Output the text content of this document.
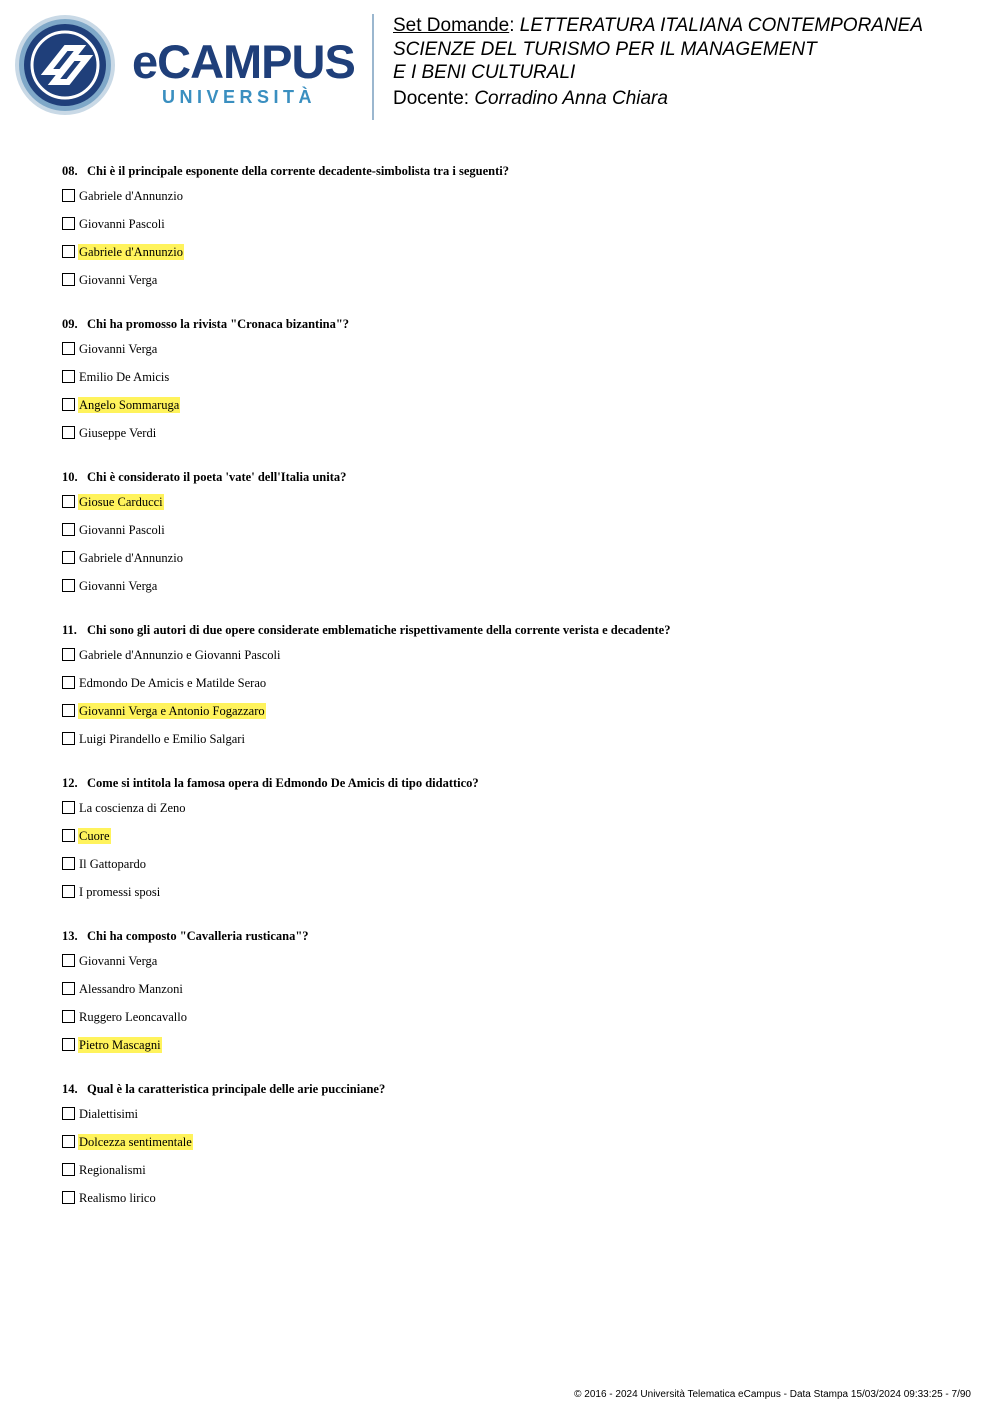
eCAMPUS
UNIVERSITÀ
Set Domande: LETTERATURA ITALIANA CONTEMPORANEA
SCIENZE DEL TURISMO PER IL MANAGEMENT
E I BENI CULTURALI
Docente: Corradino Anna Chiara
08. Chi è il principale esponente della corrente decadente-simbolista tra i seguenti?
Gabriele d'Annunzio
Giovanni Pascoli
Gabriele d'Annunzio
Giovanni Verga
09. Chi ha promosso la rivista "Cronaca bizantina"?
Giovanni Verga
Emilio De Amicis
Angelo Sommaruga
Giuseppe Verdi
10. Chi è considerato il poeta 'vate' dell'Italia unita?
Giosue Carducci
Giovanni Pascoli
Gabriele d'Annunzio
Giovanni Verga
11. Chi sono gli autori di due opere considerate emblematiche rispettivamente della corrente verista e decadente?
Gabriele d'Annunzio e Giovanni Pascoli
Edmondo De Amicis e Matilde Serao
Giovanni Verga e Antonio Fogazzaro
Luigi Pirandello e Emilio Salgari
12. Come si intitola la famosa opera di Edmondo De Amicis di tipo didattico?
La coscienza di Zeno
Cuore
Il Gattopardo
I promessi sposi
13. Chi ha composto "Cavalleria rusticana"?
Giovanni Verga
Alessandro Manzoni
Ruggero Leoncavallo
Pietro Mascagni
14. Qual è la caratteristica principale delle arie pucciniane?
Dialettisimi
Dolcezza sentimentale
Regionalismi
Realismo lirico
© 2016 - 2024 Università Telematica eCampus - Data Stampa 15/03/2024 09:33:25 - 7/90
